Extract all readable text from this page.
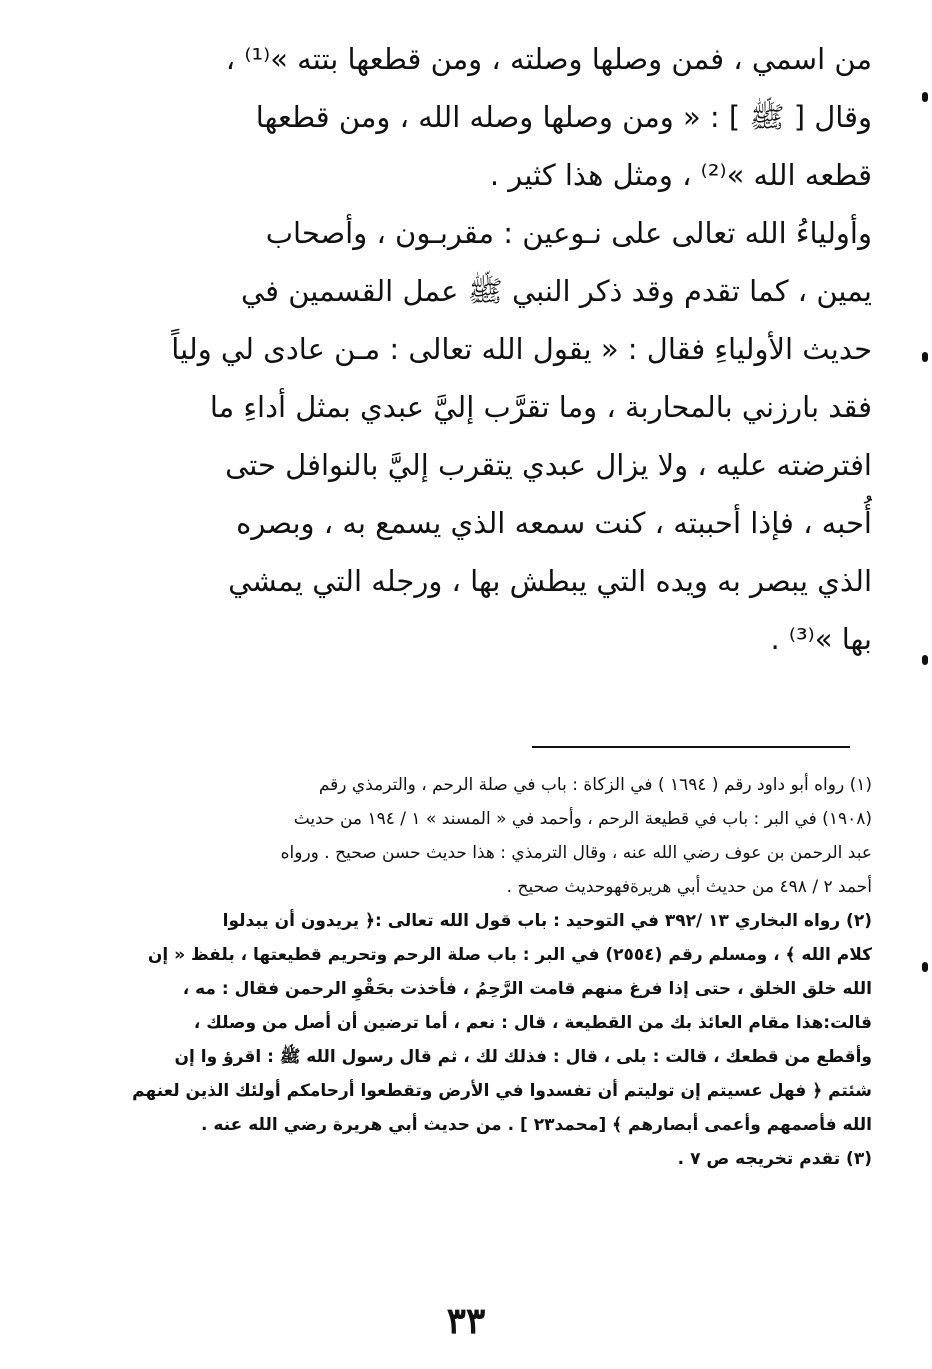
من اسمي ، فمن وصلها وصلته ، ومن قطعها بتته »⁽¹⁾ ،
وقال [ ﷺ ] : « ومن وصلها وصله الله ، ومن قطعها
قطعه الله »⁽²⁾ ، ومثل هذا كثير .
وأولياءُ الله تعالى على نـوعين : مقربـون ، وأصحاب
يمين ، كما تقدم وقد ذكر النبي ﷺ عمل القسمين في
حديث الأولياءِ فقال : « يقول الله تعالى : مـن عادى لي ولياً
فقد بارزني بالمحاربة ، وما تقرَّب إليَّ عبدي بمثل أداءِ ما
افترضته عليه ، ولا يزال عبدي يتقرب إليَّ بالنوافل حتى
أُحبه ، فإذا أحببته ، كنت سمعه الذي يسمع به ، وبصره
الذي يبصر به ويده التي يبطش بها ، ورجله التي يمشي
بها »⁽³⁾ .
(١) رواه أبو داود رقم ( ١٦٩٤ ) في الزكاة : باب في صلة الرحم ، والترمذي رقم
(١٩٠٨) في البر : باب في قطيعة الرحم ، وأحمد في « المسند » ١ / ١٩٤ من حديث
عبد الرحمن بن عوف رضي الله عنه ، وقال الترمذي : هذا حديث حسن صحيح . ورواه
أحمد ٢ / ٤٩٨ من حديث أبي هريرةفهوحديث صحيح .
(٢) رواه البخاري ١٣ /٣٩٢ في التوحيد : باب قول الله تعالى :﴿ يريدون أن يبدلوا
كلام الله ﴾ ، ومسلم رقم (٢٥٥٤) في البر : باب صلة الرحم وتحريم قطيعتها ، بلفظ « إن
الله خلق الخلق ، حتى إذا فرغ منهم قامت الرَّحِمُ ، فأخذت بحَقْوِ الرحمن فقال : مه ،
قالت:هذا مقام العائذ بك من القطيعة ، قال : نعم ، أما ترضين أن أصل من وصلك ،
وأقطع من قطعك ، قالت : بلى ، قال : فذلك لك ، ثم قال رسول الله ﷺ : اقرؤ وا إن
شئتم ﴿ فهل عسيتم إن توليتم أن تفسدوا في الأرض وتقطعوا أرحامكم أولئك الذين لعنهم
الله فأصمهم وأعمى أبصارهم ﴾ [محمد٢٣ ] . من حديث أبي هريرة رضي الله عنه .
(٣) تقدم تخريجه ص ٧ .
٣٣
